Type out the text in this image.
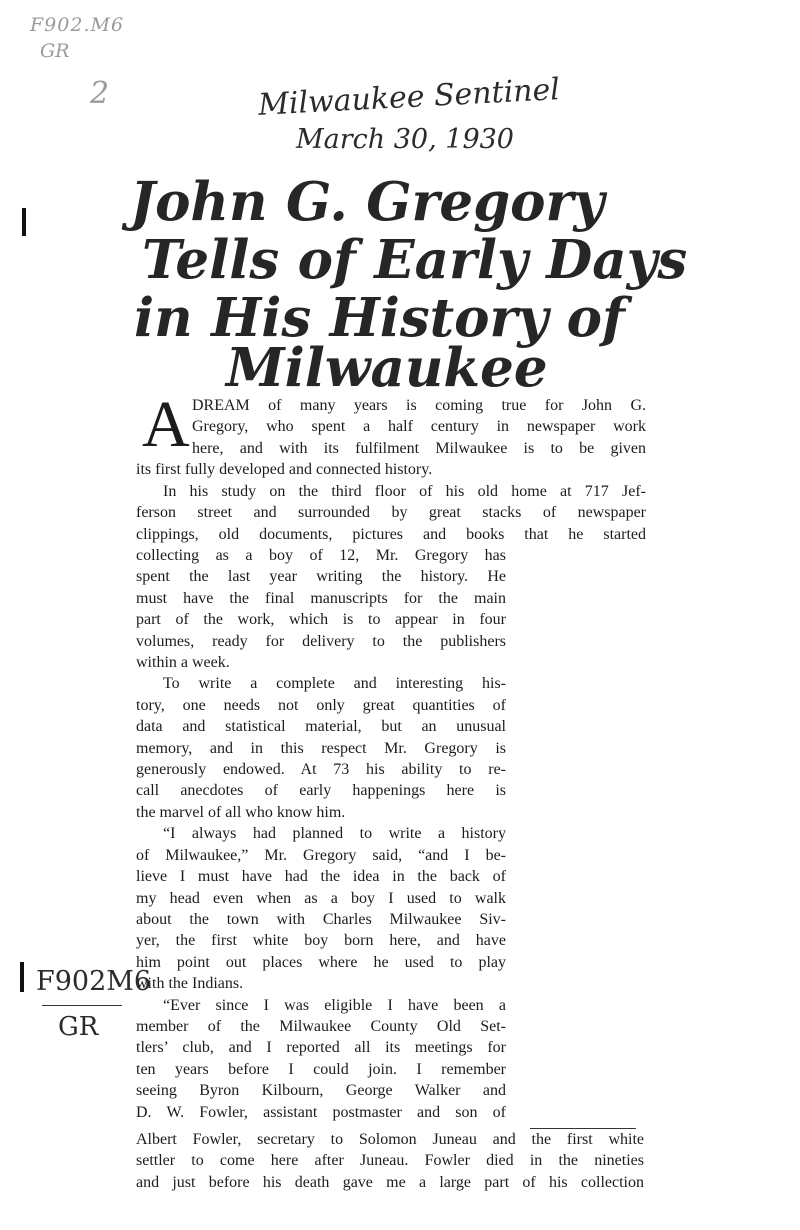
F902.M6
GR
2	Milwaukee Sentinel
March 30, 1930
John G. Gregory
Tells of Early Days
in His History of
Milwaukee
A DREAM of many years is coming true for John G.
Gregory, who spent a half century in newspaper work
here, and with its fulfilment Milwaukee is to be given
its first fully developed and connected history.
In his study on the third floor of his old home at 717 Jef-
ferson street and surrounded by great stacks of newspaper
clippings, old documents, pictures and books that he started
collecting as a boy of 12, Mr. Gregory has
spent the last year writing the history. He
must have the final manuscripts for the main
part of the work, which is to appear in four
volumes, ready for delivery to the publishers
within a week.
To write a complete and interesting his-
tory, one needs not only great quantities of
data and statistical material, but an unusual
memory, and in this respect Mr. Gregory is
generously endowed. At 73 his ability to re-
call anecdotes of early happenings here is
the marvel of all who know him.
“I always had planned to write a history
of Milwaukee,” Mr. Gregory said, “and I be-
lieve I must have had the idea in the back of
my head even when as a boy I used to walk
about the town with Charles Milwaukee Siv-
yer, the first white boy born here, and have
him point out places where he used to play
with the Indians.
“Ever since I was eligible I have been a
member of the Milwaukee County Old Set-
tlers’ club, and I reported all its meetings for
ten years before I could join. I remember
seeing Byron Kilbourn, George Walker and
D. W. Fowler, assistant postmaster and son of
Albert Fowler, secretary to Solomon Juneau and the first white
settler to come here after Juneau. Fowler died in the nineties
and just before his death gave me a large part of his collection
F902M6
GR
